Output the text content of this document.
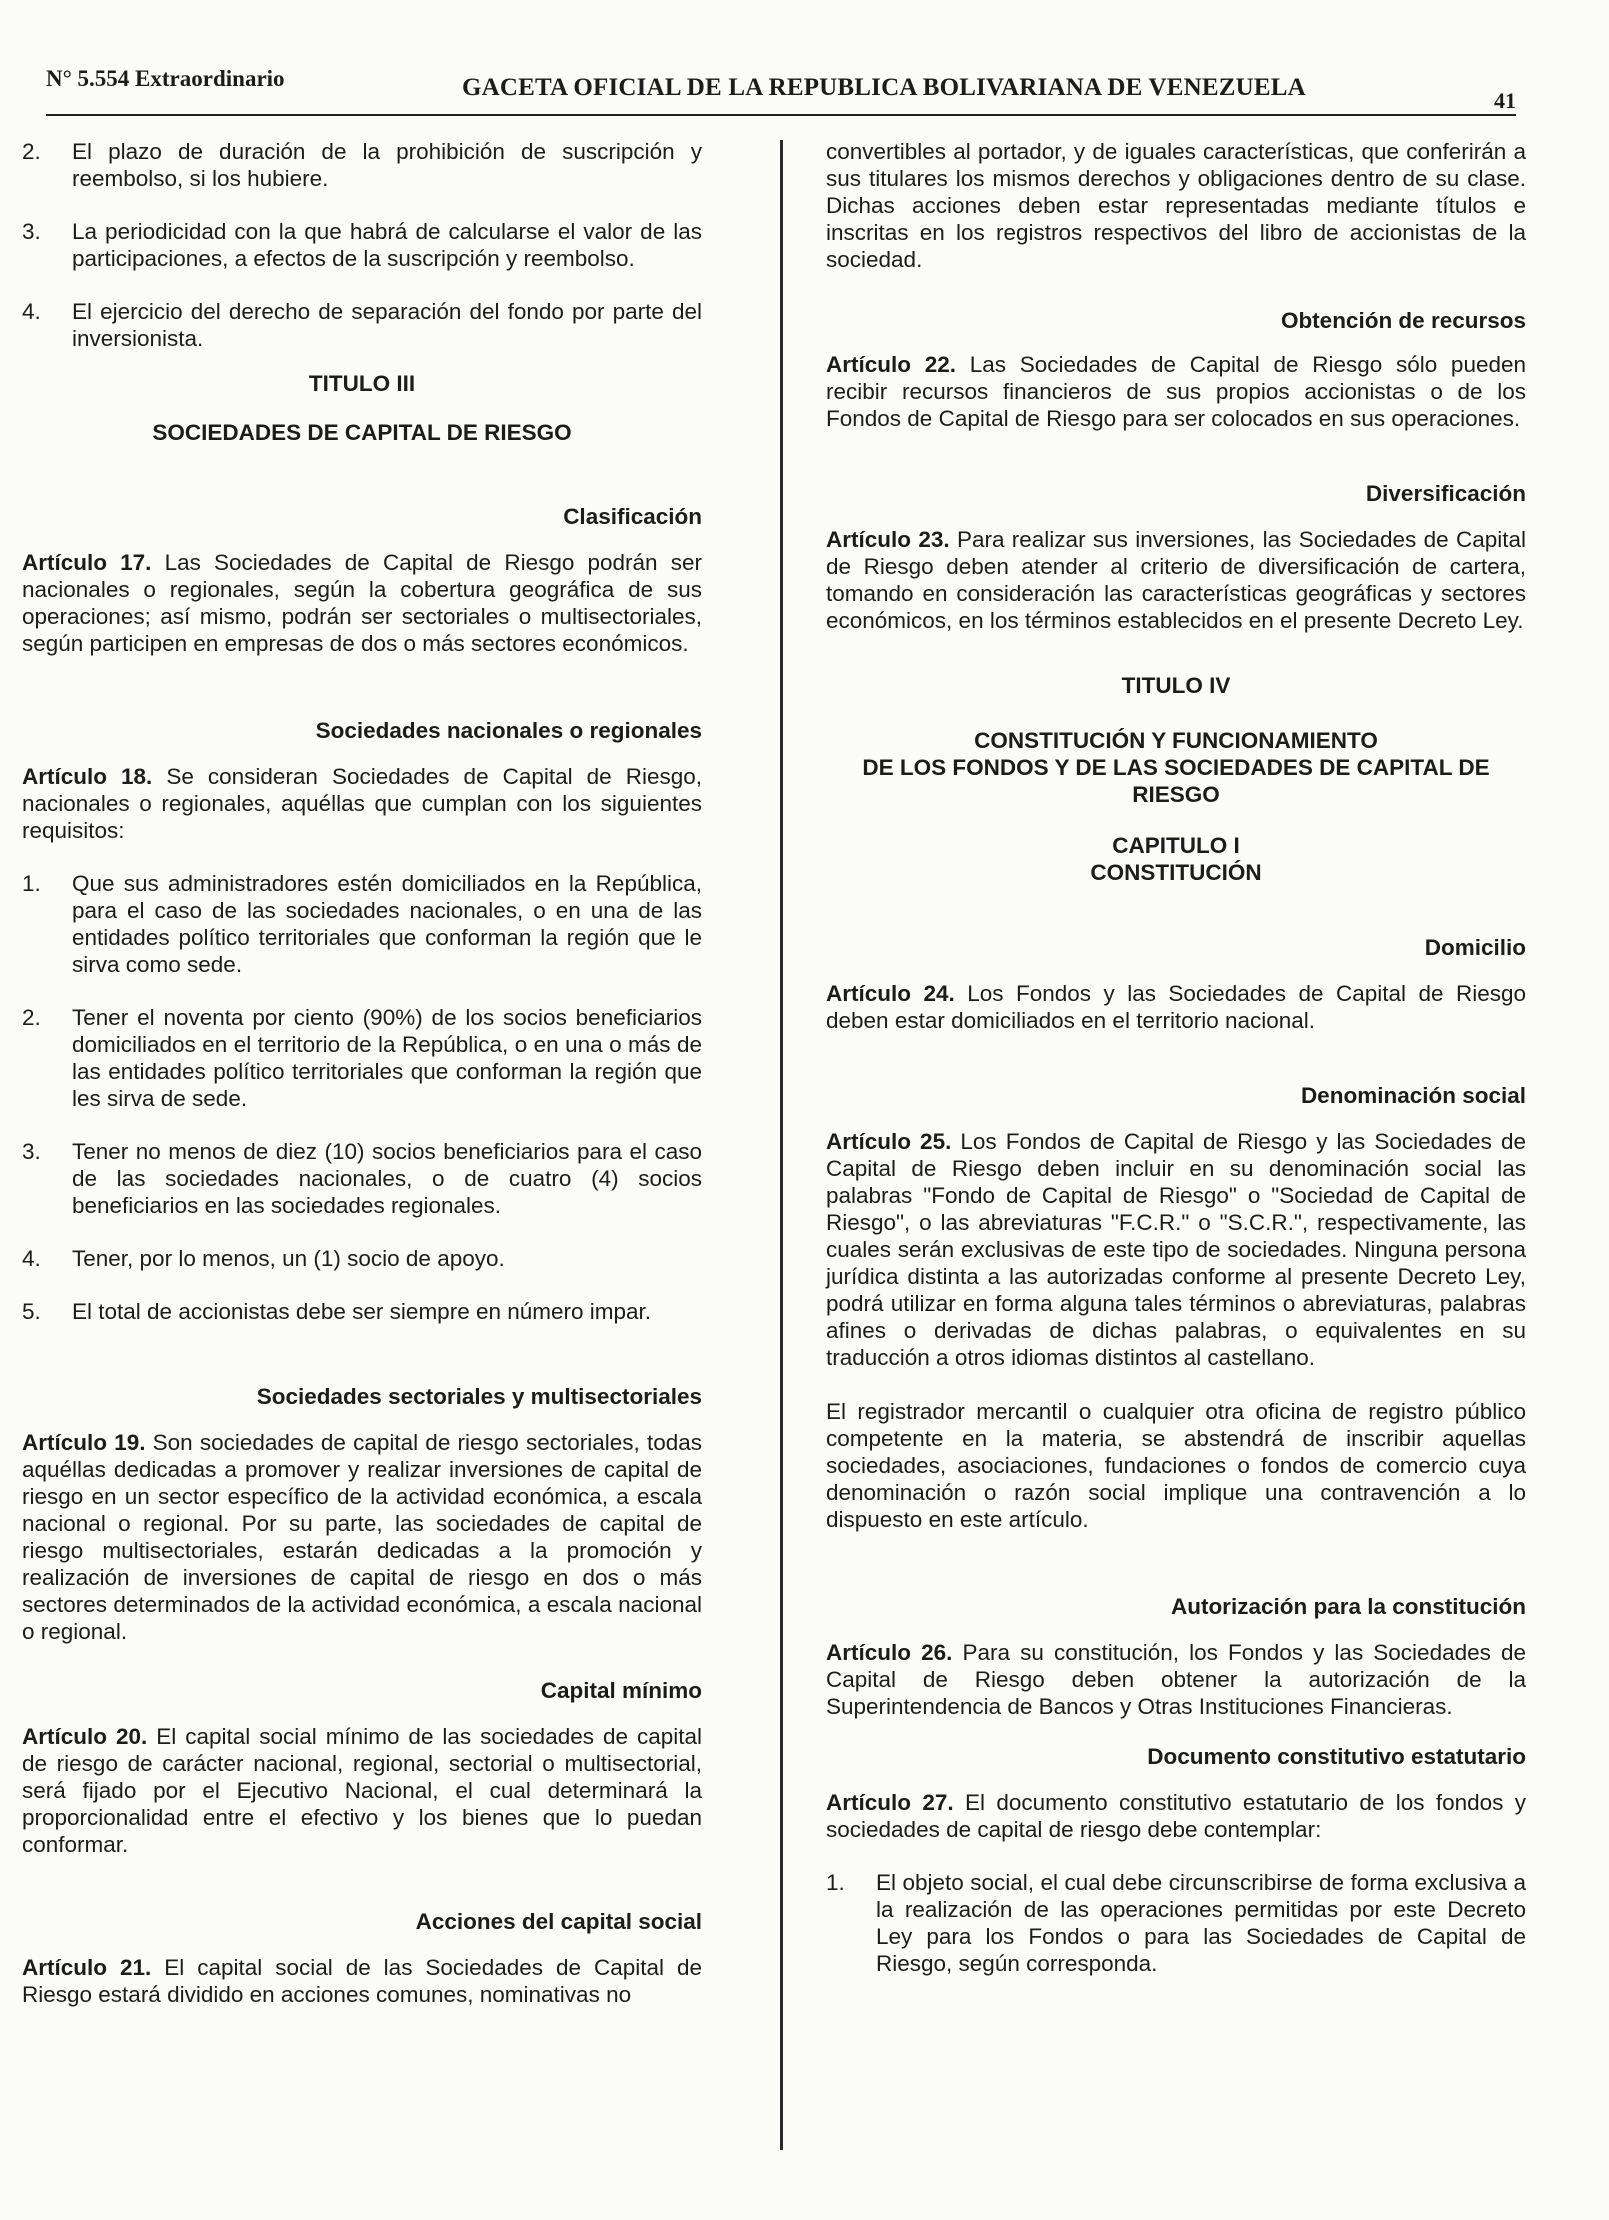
N° 5.554 Extraordinario	GACETA OFICIAL DE LA REPUBLICA BOLIVARIANA DE VENEZUELA	41
2.	El plazo de duración de la prohibición de suscripción y reembolso, si los hubiere.
3.	La periodicidad con la que habrá de calcularse el valor de las participaciones, a efectos de la suscripción y reembolso.
4.	El ejercicio del derecho de separación del fondo por parte del inversionista.

TITULO III

SOCIEDADES DE CAPITAL DE RIESGO

Clasificación

Artículo 17. Las Sociedades de Capital de Riesgo podrán ser nacionales o regionales, según la cobertura geográfica de sus operaciones; así mismo, podrán ser sectoriales o multisectoriales, según participen en empresas de dos o más sectores económicos.

Sociedades nacionales o regionales

Artículo 18. Se consideran Sociedades de Capital de Riesgo, nacionales o regionales, aquéllas que cumplan con los siguientes requisitos:

1.	Que sus administradores estén domiciliados en la República, para el caso de las sociedades nacionales, o en una de las entidades político territoriales que conforman la región que le sirva como sede.
2.	Tener el noventa por ciento (90%) de los socios beneficiarios domiciliados en el territorio de la República, o en una o más de las entidades político territoriales que conforman la región que les sirva de sede.
3.	Tener no menos de diez (10) socios beneficiarios para el caso de las sociedades nacionales, o de cuatro (4) socios beneficiarios en las sociedades regionales.
4.	Tener, por lo menos, un (1) socio de apoyo.
5.	El total de accionistas debe ser siempre en número impar.

Sociedades sectoriales y multisectoriales

Artículo 19. Son sociedades de capital de riesgo sectoriales, todas aquéllas dedicadas a promover y realizar inversiones de capital de riesgo en un sector específico de la actividad económica, a escala nacional o regional. Por su parte, las sociedades de capital de riesgo multisectoriales, estarán dedicadas a la promoción y realización de inversiones de capital de riesgo en dos o más sectores determinados de la actividad económica, a escala nacional o regional.

Capital mínimo

Artículo 20. El capital social mínimo de las sociedades de capital de riesgo de carácter nacional, regional, sectorial o multisectorial, será fijado por el Ejecutivo Nacional, el cual determinará la proporcionalidad entre el efectivo y los bienes que lo puedan conformar.

Acciones del capital social

Artículo 21. El capital social de las Sociedades de Capital de Riesgo estará dividido en acciones comunes, nominativas no

convertibles al portador, y de iguales características, que conferirán a sus titulares los mismos derechos y obligaciones dentro de su clase. Dichas acciones deben estar representadas mediante títulos e inscritas en los registros respectivos del libro de accionistas de la sociedad.

Obtención de recursos

Artículo 22. Las Sociedades de Capital de Riesgo sólo pueden recibir recursos financieros de sus propios accionistas o de los Fondos de Capital de Riesgo para ser colocados en sus operaciones.

Diversificación

Artículo 23. Para realizar sus inversiones, las Sociedades de Capital de Riesgo deben atender al criterio de diversificación de cartera, tomando en consideración las características geográficas y sectores económicos, en los términos establecidos en el presente Decreto Ley.

TITULO IV

CONSTITUCIÓN Y FUNCIONAMIENTO

DE LOS FONDOS Y DE LAS SOCIEDADES DE CAPITAL DE RIESGO

CAPITULO I

CONSTITUCIÓN

Domicilio

Artículo 24. Los Fondos y las Sociedades de Capital de Riesgo deben estar domiciliados en el territorio nacional.

Denominación social

Artículo 25. Los Fondos de Capital de Riesgo y las Sociedades de Capital de Riesgo deben incluir en su denominación social las palabras "Fondo de Capital de Riesgo" o "Sociedad de Capital de Riesgo", o las abreviaturas "F.C.R." o "S.C.R.", respectivamente, las cuales serán exclusivas de este tipo de sociedades. Ninguna persona jurídica distinta a las autorizadas conforme al presente Decreto Ley, podrá utilizar en forma alguna tales términos o abreviaturas, palabras afines o derivadas de dichas palabras, o equivalentes en su traducción a otros idiomas distintos al castellano.

El registrador mercantil o cualquier otra oficina de registro público competente en la materia, se abstendrá de inscribir aquellas sociedades, asociaciones, fundaciones o fondos de comercio cuya denominación o razón social implique una contravención a lo dispuesto en este artículo.

Autorización para la constitución

Artículo 26. Para su constitución, los Fondos y las Sociedades de Capital de Riesgo deben obtener la autorización de la Superintendencia de Bancos y Otras Instituciones Financieras.

Documento constitutivo estatutario

Artículo 27. El documento constitutivo estatutario de los fondos y sociedades de capital de riesgo debe contemplar:

1.	El objeto social, el cual debe circunscribirse de forma exclusiva a la realización de las operaciones permitidas por este Decreto Ley para los Fondos o para las Sociedades de Capital de Riesgo, según corresponda.
